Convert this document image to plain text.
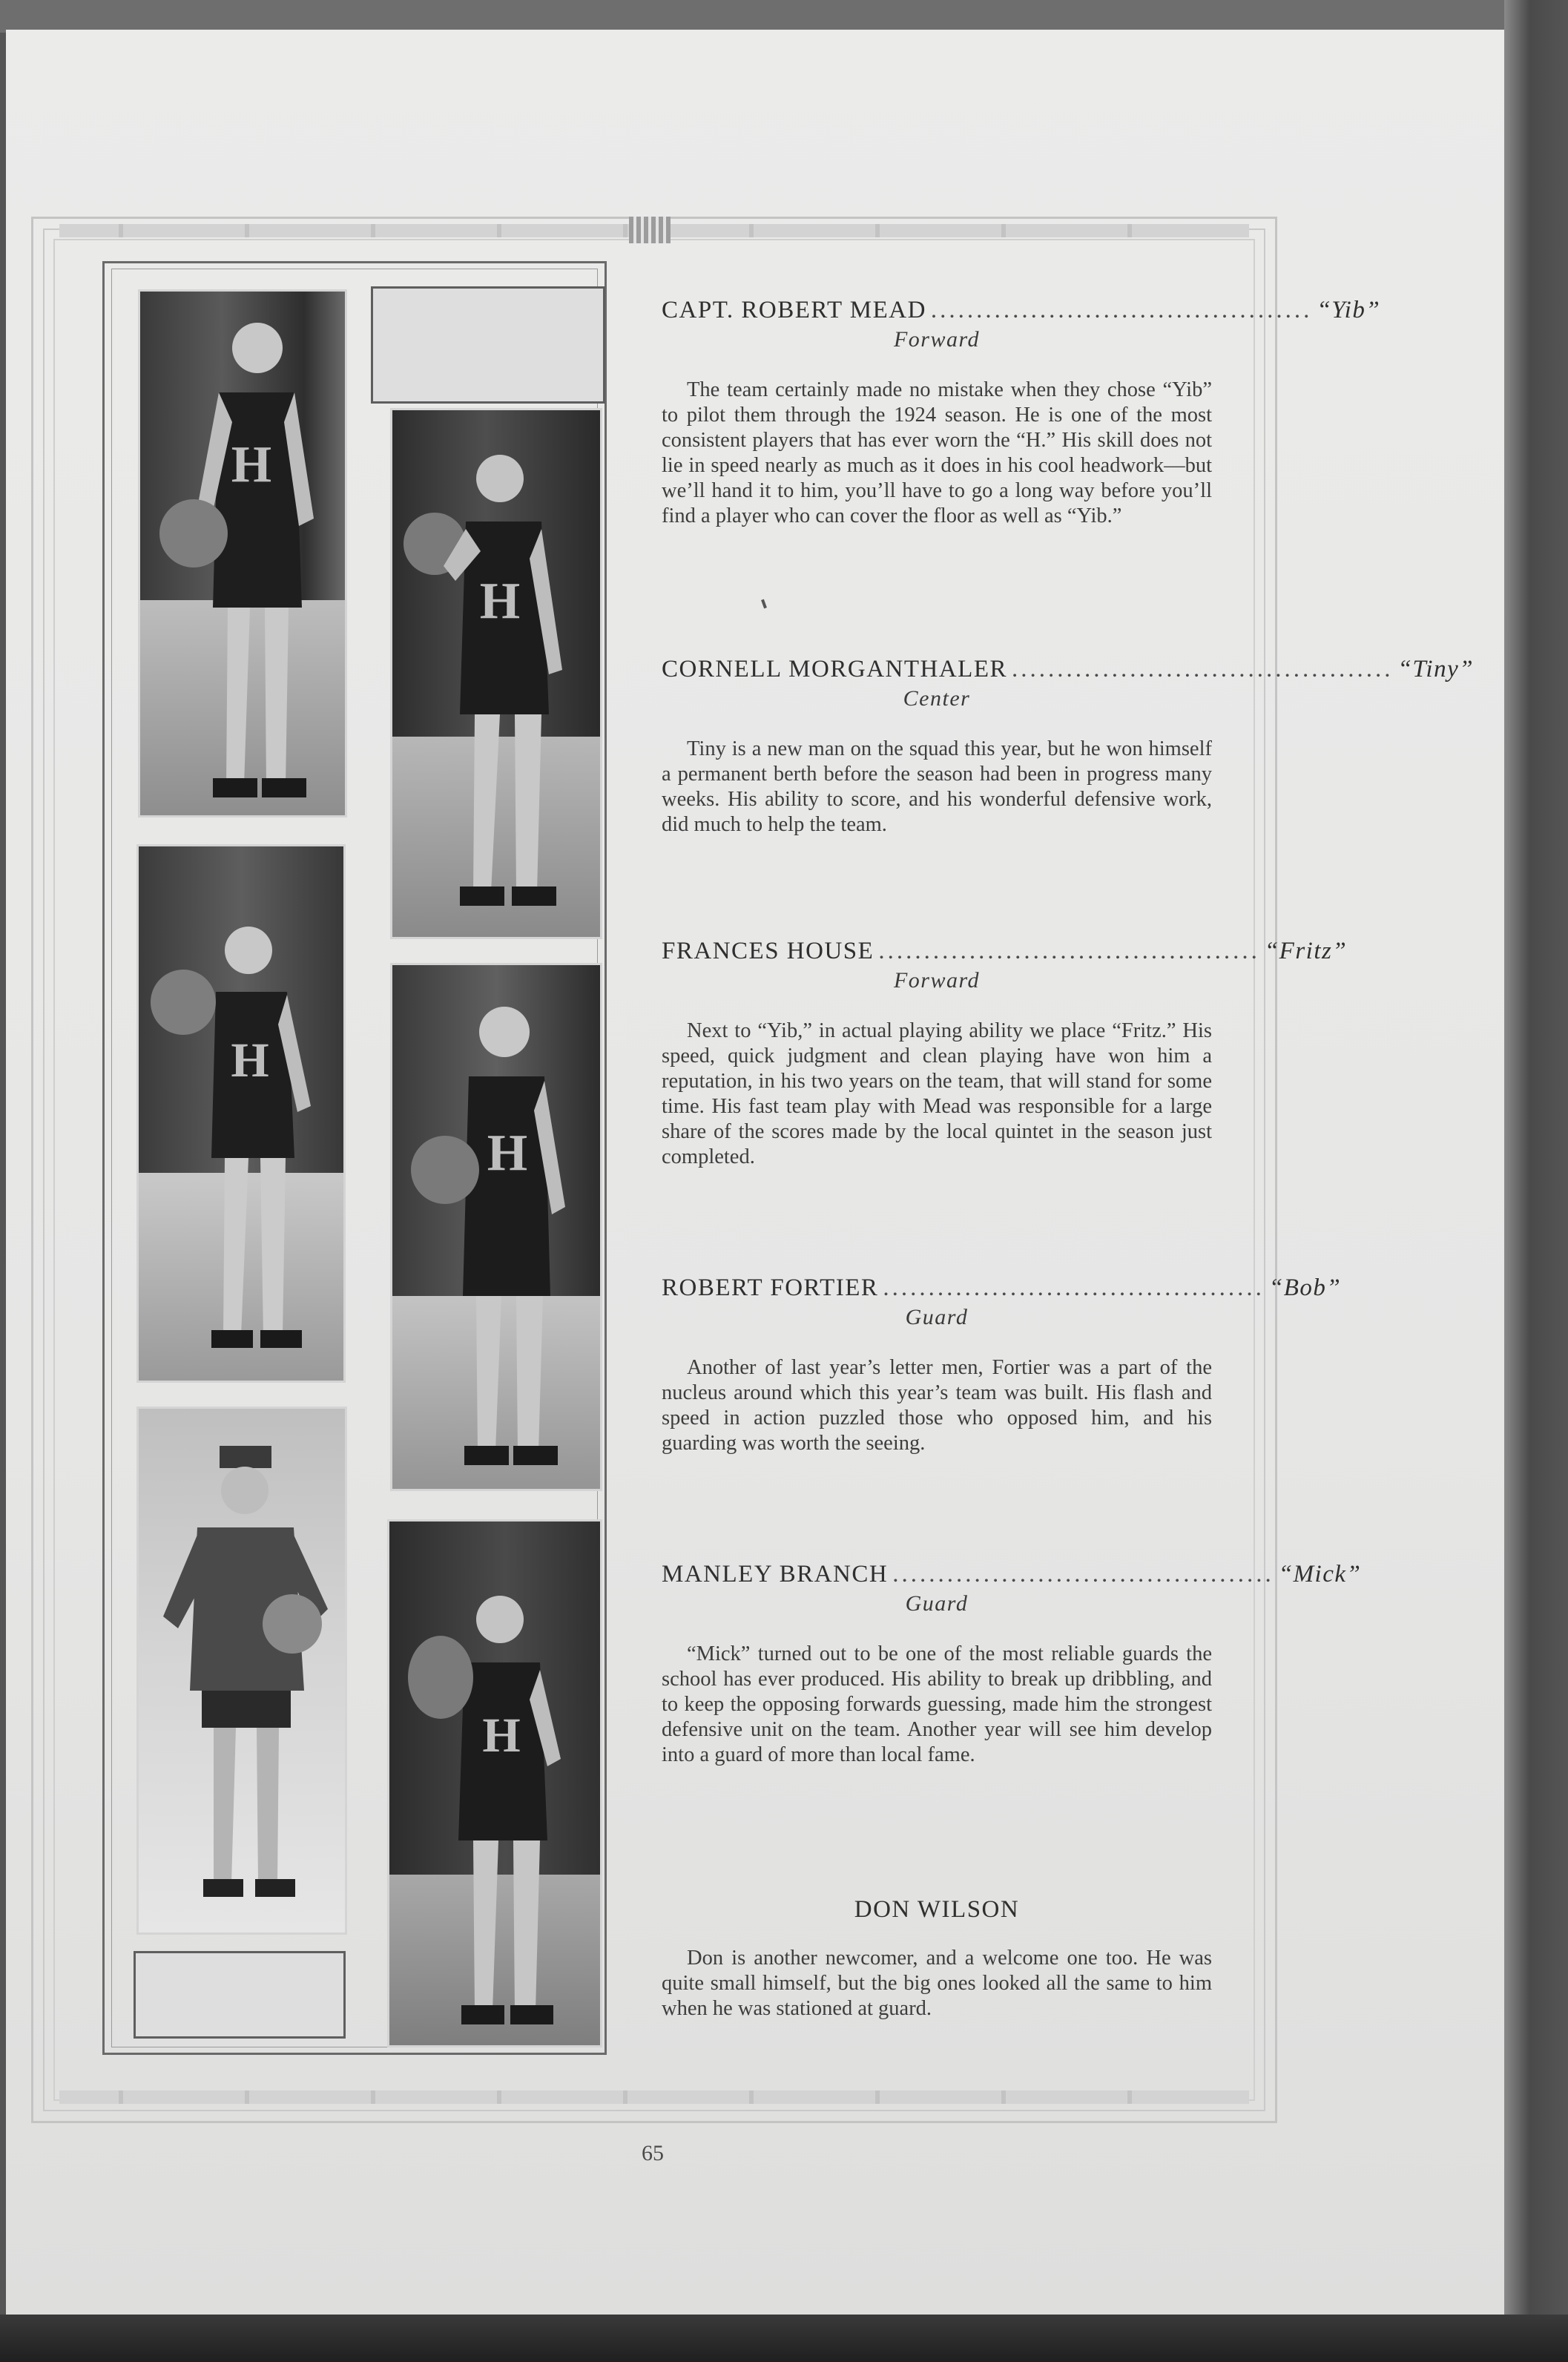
H
H
H
H
H
CAPT. ROBERT MEAD .......................................... “Yib”
Forward
The team certainly made no mistake when they chose “Yib” to pilot them through the 1924 season. He is one of the most consistent players that has ever worn the “H.” His skill does not lie in speed nearly as much as it does in his cool headwork—but we’ll hand it to him, you’ll have to go a long way before you’ll find a player who can cover the floor as well as “Yib.”
CORNELL MORGANTHALER .......................................... “Tiny”
Center
Tiny is a new man on the squad this year, but he won himself a permanent berth before the season had been in progress many weeks. His ability to score, and his wonderful defensive work, did much to help the team.
FRANCES HOUSE .......................................... “Fritz”
Forward
Next to “Yib,” in actual playing ability we place “Fritz.” His speed, quick judgment and clean playing have won him a reputation, in his two years on the team, that will stand for some time. His fast team play with Mead was responsible for a large share of the scores made by the local quintet in the season just completed.
ROBERT FORTIER .......................................... “Bob”
Guard
Another of last year’s letter men, Fortier was a part of the nucleus around which this year’s team was built. His flash and speed in action puzzled those who opposed him, and his guarding was worth the seeing.
MANLEY BRANCH .......................................... “Mick”
Guard
“Mick” turned out to be one of the most reliable guards the school has ever produced. His ability to break up dribbling, and to keep the opposing forwards guessing, made him the strongest defensive unit on the team. Another year will see him develop into a guard of more than local fame.
DON WILSON
Don is another newcomer, and a welcome one too. He was quite small himself, but the big ones looked all the same to him when he was stationed at guard.
65
